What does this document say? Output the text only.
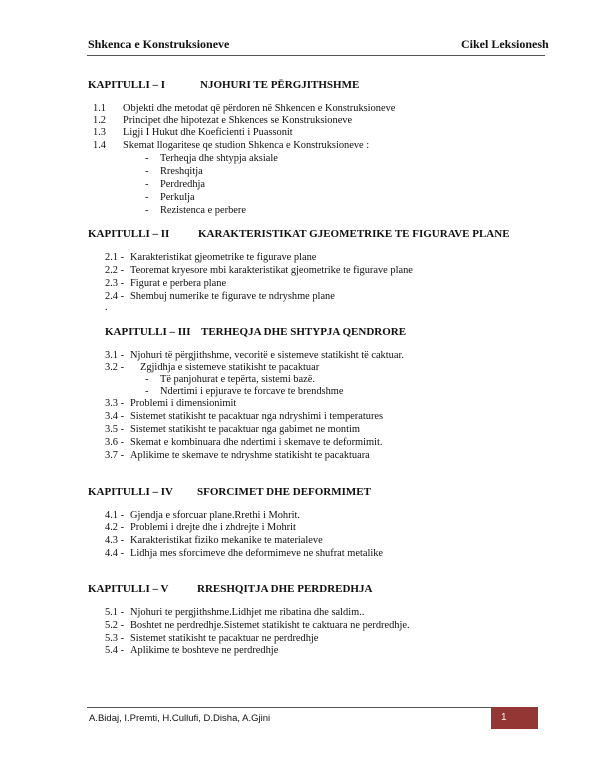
Shkenca e Konstruksioneve	Cikel Leksionesh
KAPITULLI – I	NJOHURI TE PËRGJITHSHME
1.1 Objekti dhe metodat që përdoren në Shkencen e Konstruksioneve
1.2 Principet dhe hipotezat e Shkences se Konstruksioneve
1.3 Ligji I Hukut dhe Koeficienti i Puassonit
1.4 Skemat llogaritese qe studion Shkenca e Konstruksioneve :
- Terheqja dhe shtypja aksiale
- Rreshqitja
- Perdredhja
- Perkulja
- Rezistenca e perbere
KAPITULLI – II	KARAKTERISTIKAT GJEOMETRIKE TE FIGURAVE PLANE
2.1 - Karakteristikat gjeometrike te figurave plane
2.2 - Teoremat kryesore mbi karakteristikat gjeometrike te figurave plane
2.3 - Figurat e perbera plane
2.4 - Shembuj numerike te figurave te ndryshme plane
.
KAPITULLI – III TERHEQJA DHE SHTYPJA QENDRORE
3.1 - Njohuri të përgjithshme, vecoritë e sistemeve statikisht të caktuar.
3.2 - Zgjidhja e sistemeve statikisht te pacaktuar
- Të panjohurat e tepërta, sistemi bazë.
- Ndertimi i epjurave te forcave te brendshme
3.3 - Problemi i dimensionimit
3.4 - Sistemet statikisht te pacaktuar nga ndryshimi i temperatures
3.5 - Sistemet statikisht te pacaktuar nga gabimet ne montim
3.6 - Skemat e kombinuara dhe ndertimi i skemave te deformimit.
3.7 - Aplikime te skemave te ndryshme statikisht te pacaktuara
KAPITULLI – IV SFORCIMET DHE DEFORMIMET
4.1 - Gjendja e sforcuar plane.Rrethi i Mohrit.
4.2 - Problemi i drejte dhe i zhdrejte i Mohrit
4.3 - Karakteristikat fiziko mekanike te materialeve
4.4 - Lidhja mes sforcimeve dhe deformimeve ne shufrat metalike
KAPITULLI – V	RRESHQITJA DHE PERDREDHJA
5.1 - Njohuri te pergjithshme.Lidhjet me ribatina dhe saldim..
5.2 - Boshtet ne perdredhje.Sistemet statikisht te caktuara ne perdredhje.
5.3 - Sistemet statikisht te pacaktuar ne perdredhje
5.4 - Aplikime te boshteve ne perdredhje
A.Bidaj, I.Premti, H.Cullufi, D.Disha, A.Gjini	1
